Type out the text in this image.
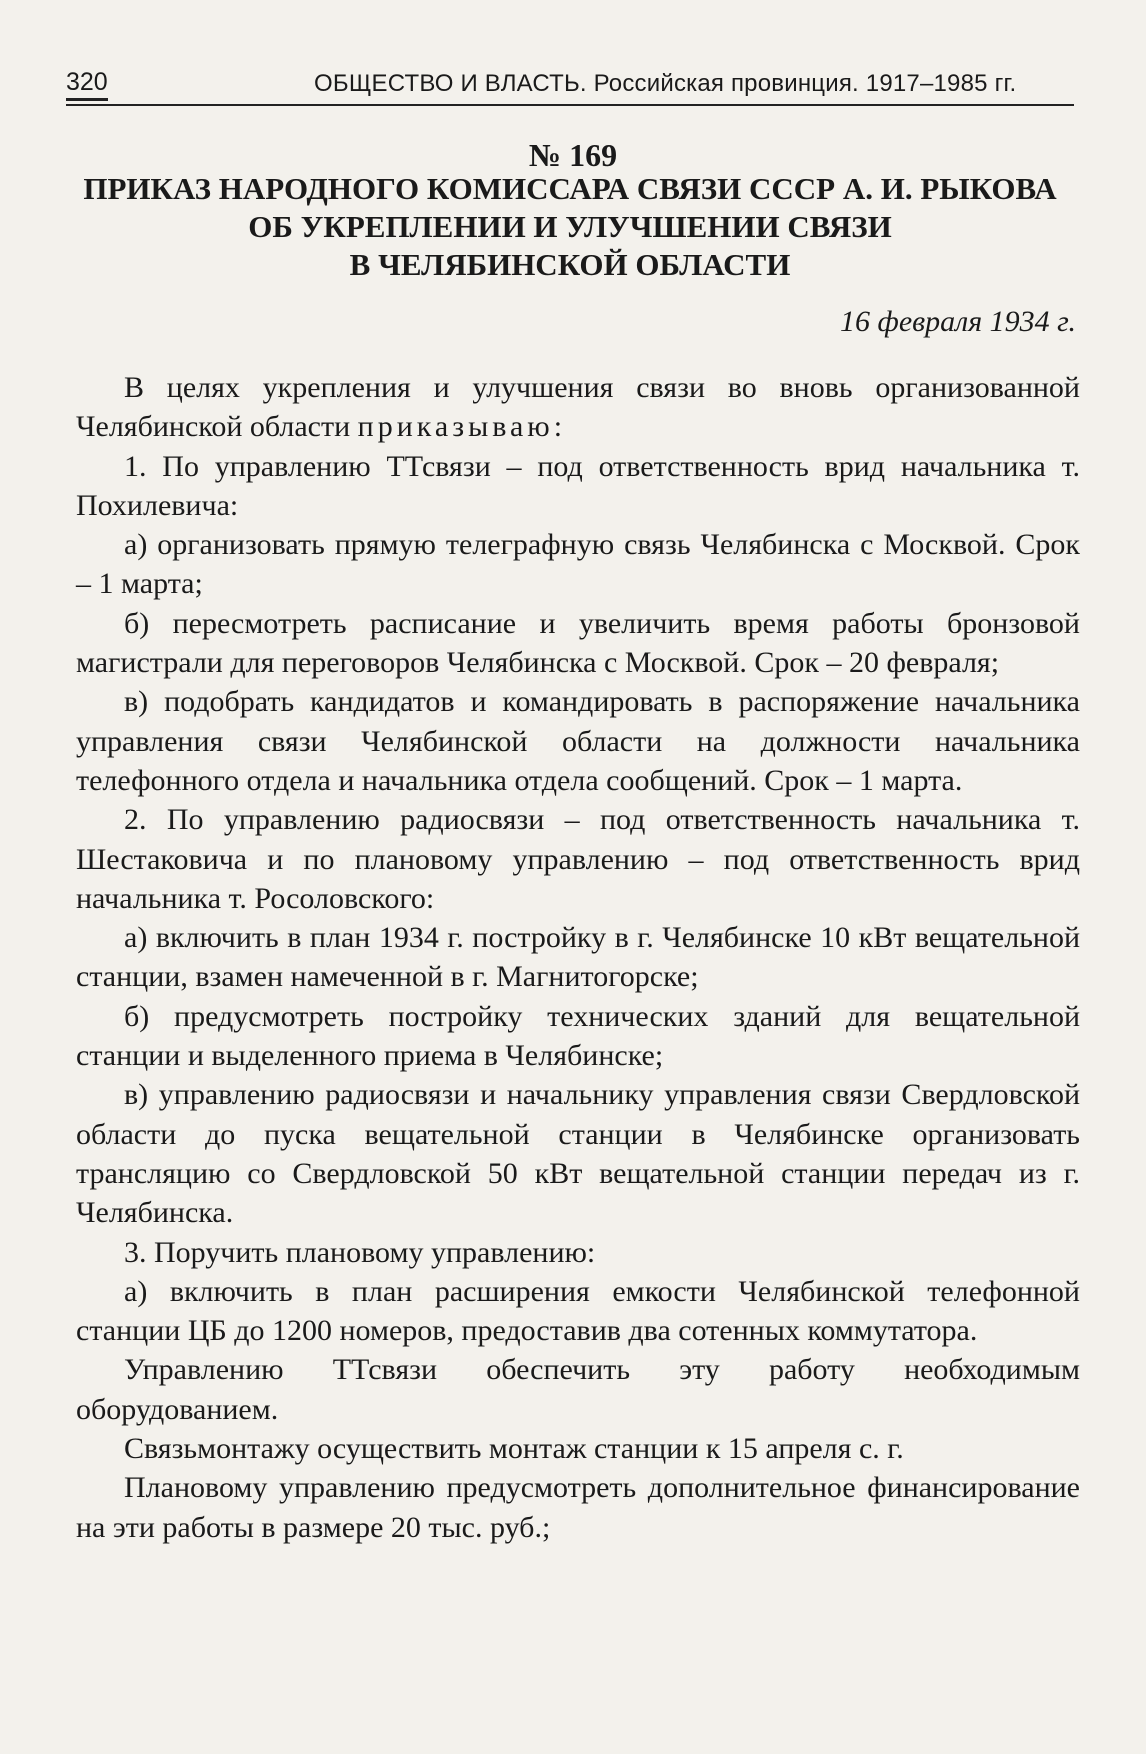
320	ОБЩЕСТВО И ВЛАСТЬ. Российская провинция. 1917–1985 гг.
№ 169
ПРИКАЗ НАРОДНОГО КОМИССАРА СВЯЗИ СССР А. И. РЫКОВА
ОБ УКРЕПЛЕНИИ И УЛУЧШЕНИИ СВЯЗИ
В ЧЕЛЯБИНСКОЙ ОБЛАСТИ
16 февраля 1934 г.

В целях укрепления и улучшения связи во вновь организованной Челябинской области приказываю:

1. По управлению ТТсвязи – под ответственность врид начальника т. Похилевича:

а) организовать прямую телеграфную связь Челябинска с Москвой. Срок – 1 марта;

б) пересмотреть расписание и увеличить время работы бронзовой магистрали для переговоров Челябинска с Москвой. Срок – 20 февраля;

в) подобрать кандидатов и командировать в распоряжение начальника управления связи Челябинской области на должности начальника телефонного отдела и начальника отдела сообщений. Срок – 1 марта.

2. По управлению радиосвязи – под ответственность начальника т. Шестаковича и по плановому управлению – под ответственность врид начальника т. Росоловского:

а) включить в план 1934 г. постройку в г. Челябинске 10 кВт вещательной станции, взамен намеченной в г. Магнитогорске;

б) предусмотреть постройку технических зданий для вещательной станции и выделенного приема в Челябинске;

в) управлению радиосвязи и начальнику управления связи Свердловской области до пуска вещательной станции в Челябинске организовать трансляцию со Свердловской 50 кВт вещательной станции передач из г. Челябинска.

3. Поручить плановому управлению:

а) включить в план расширения емкости Челябинской телефонной станции ЦБ до 1200 номеров, предоставив два сотенных коммутатора.

Управлению ТТсвязи обеспечить эту работу необходимым оборудованием.

Связьмонтажу осуществить монтаж станции к 15 апреля с. г.

Плановому управлению предусмотреть дополнительное финансирование на эти работы в размере 20 тыс. руб.;
